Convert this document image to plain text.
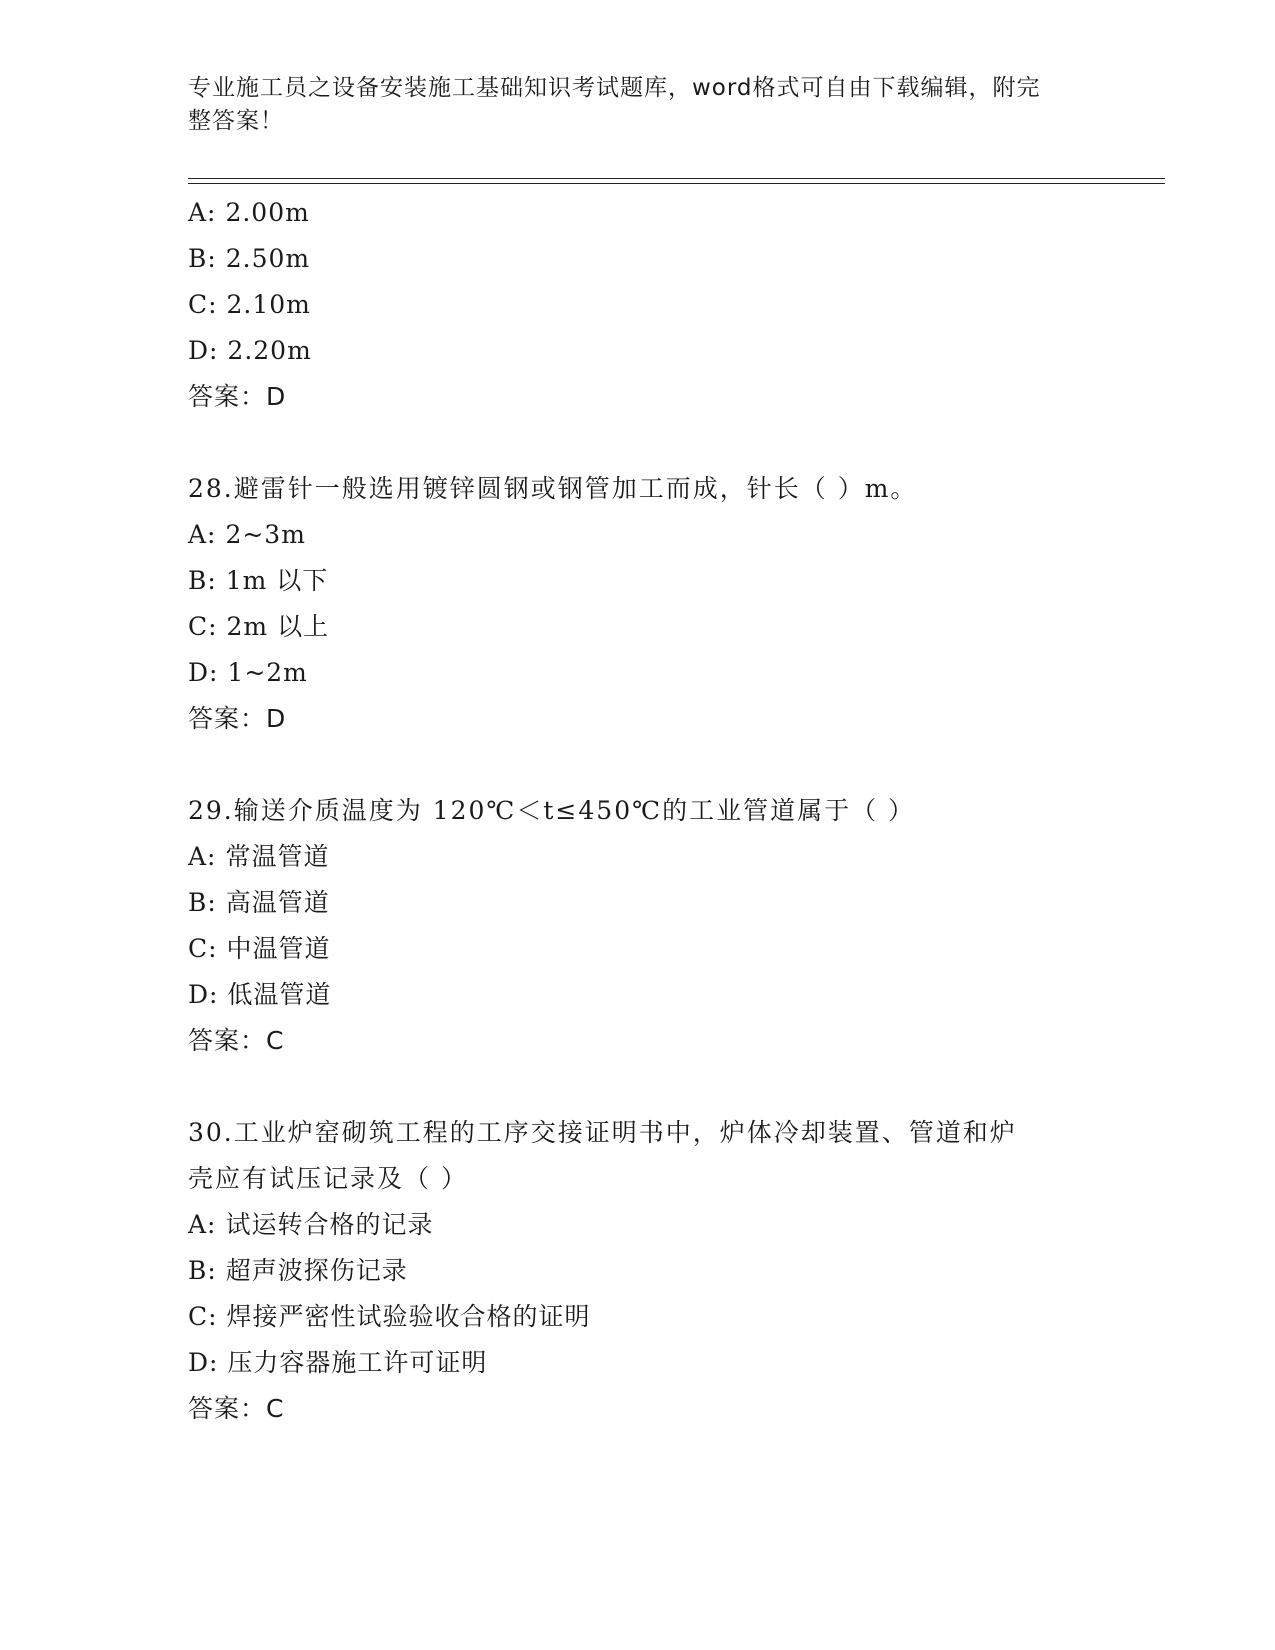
专业施工员之设备安装施工基础知识考试题库，word格式可自由下载编辑，附完
整答案！
A: 2.00m
B: 2.50m
C: 2.10m
D: 2.20m
答案：D
28.避雷针一般选用镀锌圆钢或钢管加工而成，针长（ ）m。
A: 2~3m
B: 1m 以下
C: 2m 以上
D: 1~2m
答案：D
29.输送介质温度为 120℃＜t≤450℃的工业管道属于（ ）
A: 常温管道
B: 高温管道
C: 中温管道
D: 低温管道
答案：C
30.工业炉窑砌筑工程的工序交接证明书中，炉体冷却装置、管道和炉
壳应有试压记录及（ ）
A: 试运转合格的记录
B: 超声波探伤记录
C: 焊接严密性试验验收合格的证明
D: 压力容器施工许可证明
答案：C
